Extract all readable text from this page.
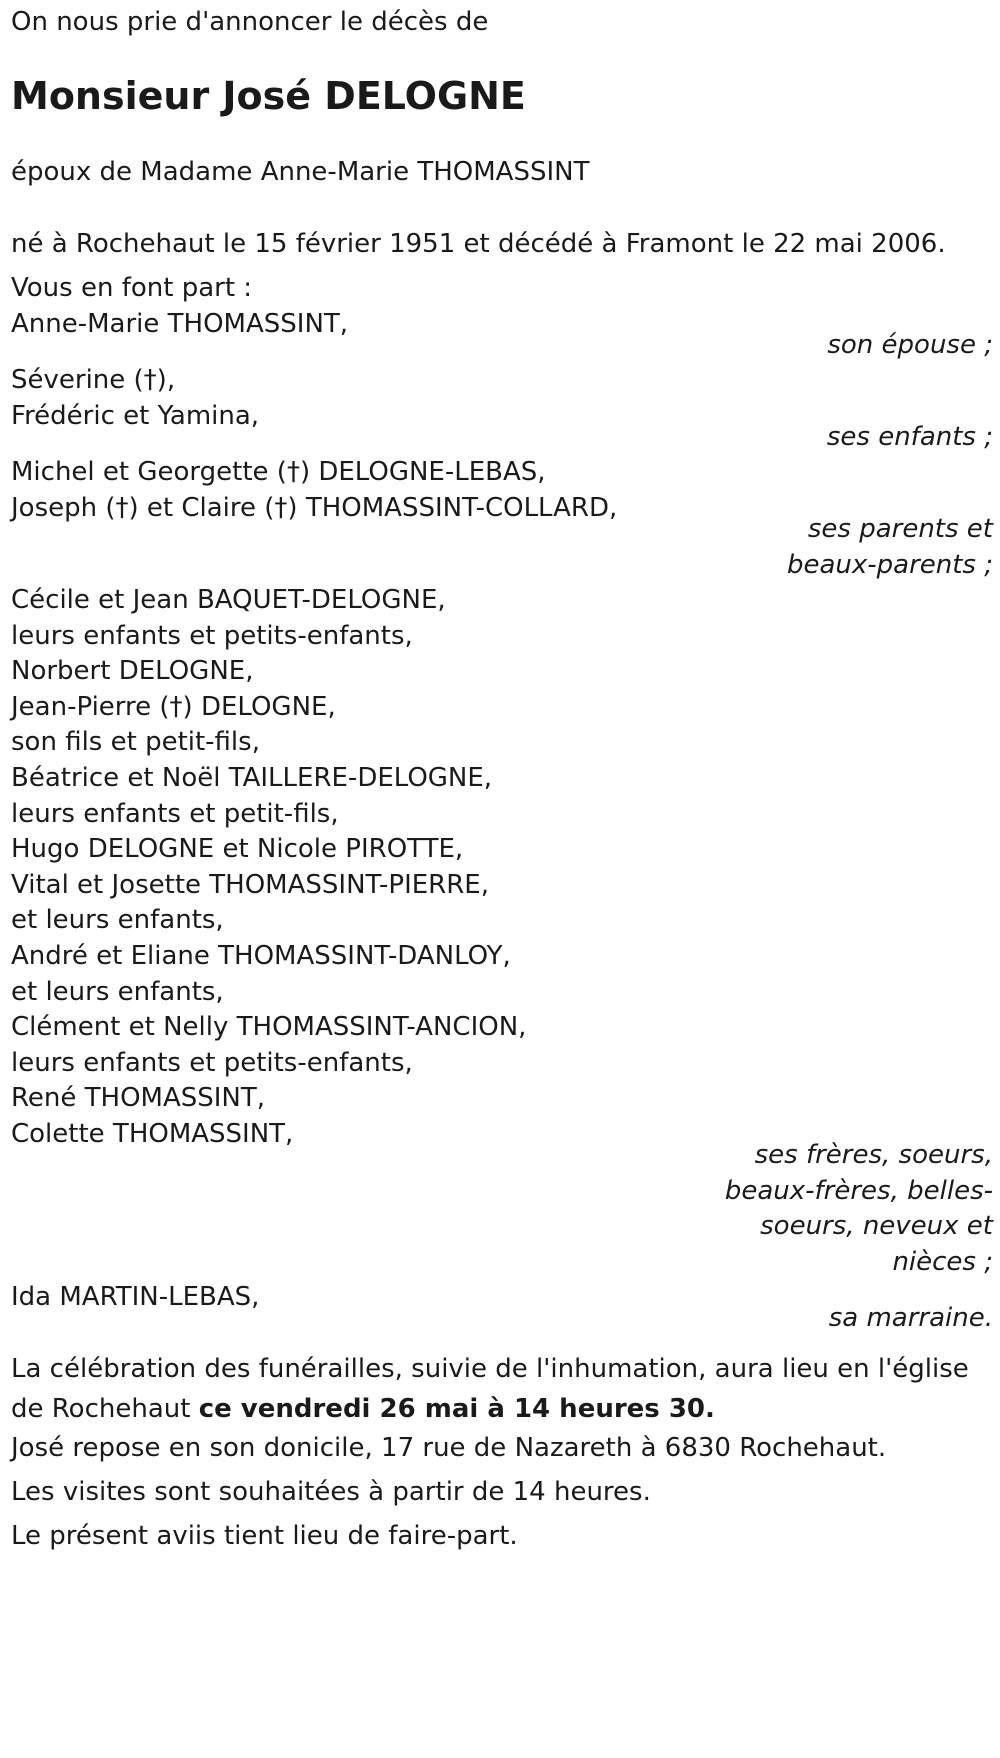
On nous prie d'annoncer le décès de
Monsieur José DELOGNE
époux de Madame Anne-Marie THOMASSINT
né à Rochehaut le 15 février 1951 et décédé à Framont le 22 mai 2006.
Vous en font part :
Anne-Marie THOMASSINT,
son épouse ;
Séverine (†),
Frédéric et Yamina,
ses enfants ;
Michel et Georgette (†) DELOGNE-LEBAS,
Joseph (†) et Claire (†) THOMASSINT-COLLARD,
ses parents et
beaux-parents ;
Cécile et Jean BAQUET-DELOGNE,
leurs enfants et petits-enfants,
Norbert DELOGNE,
Jean-Pierre (†) DELOGNE,
son fils et petit-fils,
Béatrice et Noël TAILLERE-DELOGNE,
leurs enfants et petit-fils,
Hugo DELOGNE et Nicole PIROTTE,
Vital et Josette THOMASSINT-PIERRE,
et leurs enfants,
André et Eliane THOMASSINT-DANLOY,
et leurs enfants,
Clément et Nelly THOMASSINT-ANCION,
leurs enfants et petits-enfants,
René THOMASSINT,
Colette THOMASSINT,
ses frères, soeurs,
beaux-frères, belles-
soeurs, neveux et
nièces ;
Ida MARTIN-LEBAS,
sa marraine.
La célébration des funérailles, suivie de l'inhumation, aura lieu en l'église de Rochehaut ce vendredi 26 mai à 14 heures 30.
José repose en son donicile, 17 rue de Nazareth à 6830 Rochehaut.
Les visites sont souhaitées à partir de 14 heures.
Le présent aviis tient lieu de faire-part.
